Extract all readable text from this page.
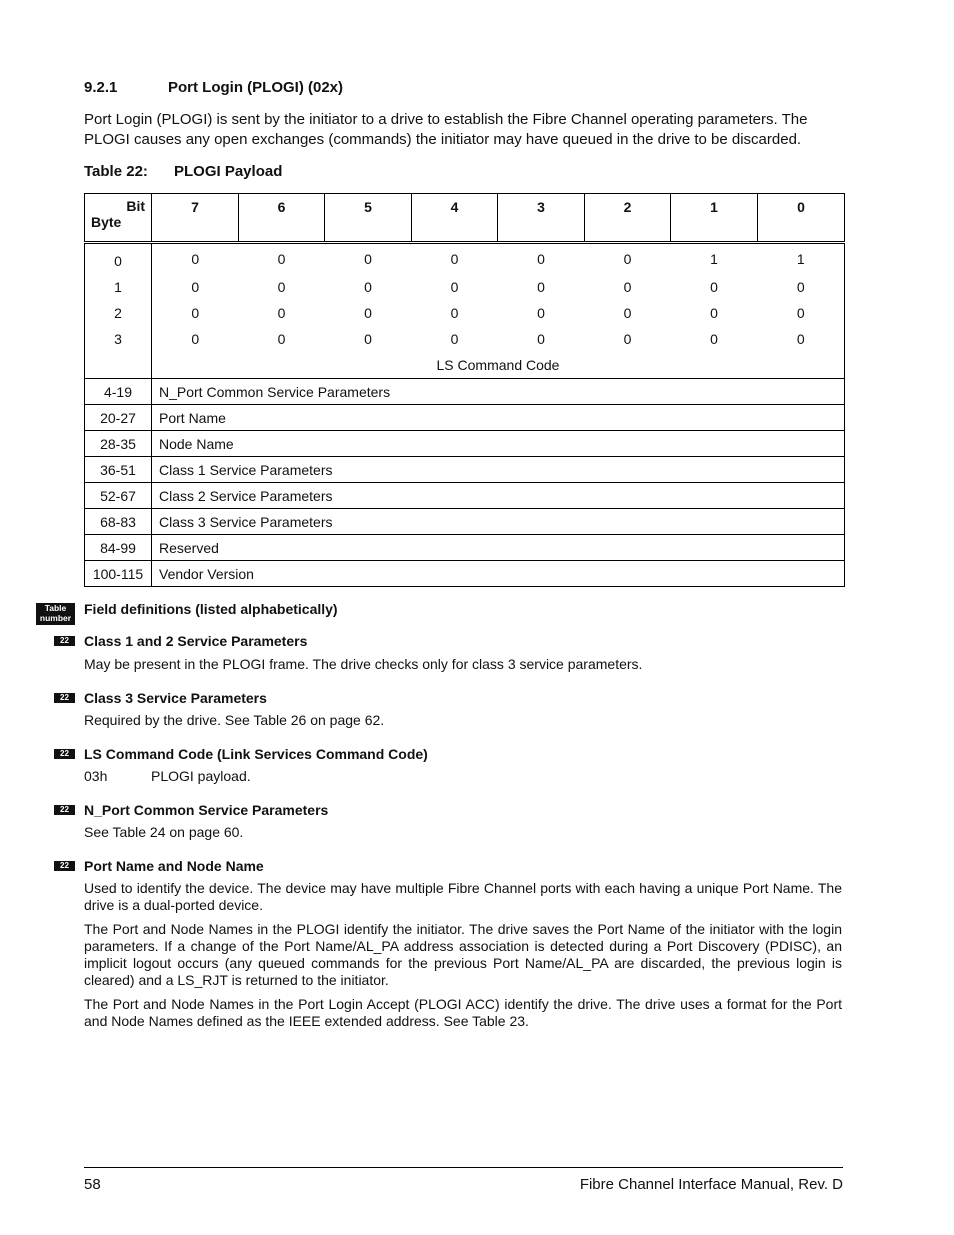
9.2.1	Port Login (PLOGI) (02x)
Port Login (PLOGI) is sent by the initiator to a drive to establish the Fibre Channel operating parameters. The PLOGI causes any open exchanges (commands) the initiator may have queued in the drive to be discarded.
Table 22: PLOGI Payload
Bit
Byte	7	6	5	4	3	2	1	0
0	0	0	0	0	0	0	1	1
1	0	0	0	0	0	0	0	0
2	0	0	0	0	0	0	0	0
3	0	0	0	0	0	0	0	0
	LS Command Code							
4-19	N_Port Common Service Parameters							
20-27	Port Name							
28-35	Node Name							
36-51	Class 1 Service Parameters							
52-67	Class 2 Service Parameters							
68-83	Class 3 Service Parameters							
84-99	Reserved							
100-115	Vendor Version							
Table
number
Field definitions (listed alphabetically)
22	Class 1 and 2 Service Parameters
May be present in the PLOGI frame. The drive checks only for class 3 service parameters.
22	Class 3 Service Parameters
Required by the drive. See Table 26 on page 62.
22	LS Command Code (Link Services Command Code)
03h	PLOGI payload.
22	N_Port Common Service Parameters
See Table 24 on page 60.
22	Port Name and Node Name
Used to identify the device. The device may have multiple Fibre Channel ports with each having a unique Port Name. The drive is a dual-ported device.
The Port and Node Names in the PLOGI identify the initiator. The drive saves the Port Name of the initiator with the login parameters. If a change of the Port Name/AL_PA address association is detected during a Port Discovery (PDISC), an implicit logout occurs (any queued commands for the previous Port Name/AL_PA are discarded, the previous login is cleared) and a LS_RJT is returned to the initiator.
The Port and Node Names in the Port Login Accept (PLOGI ACC) identify the drive. The drive uses a format for the Port and Node Names defined as the IEEE extended address. See Table 23.
58	Fibre Channel Interface Manual, Rev. D
